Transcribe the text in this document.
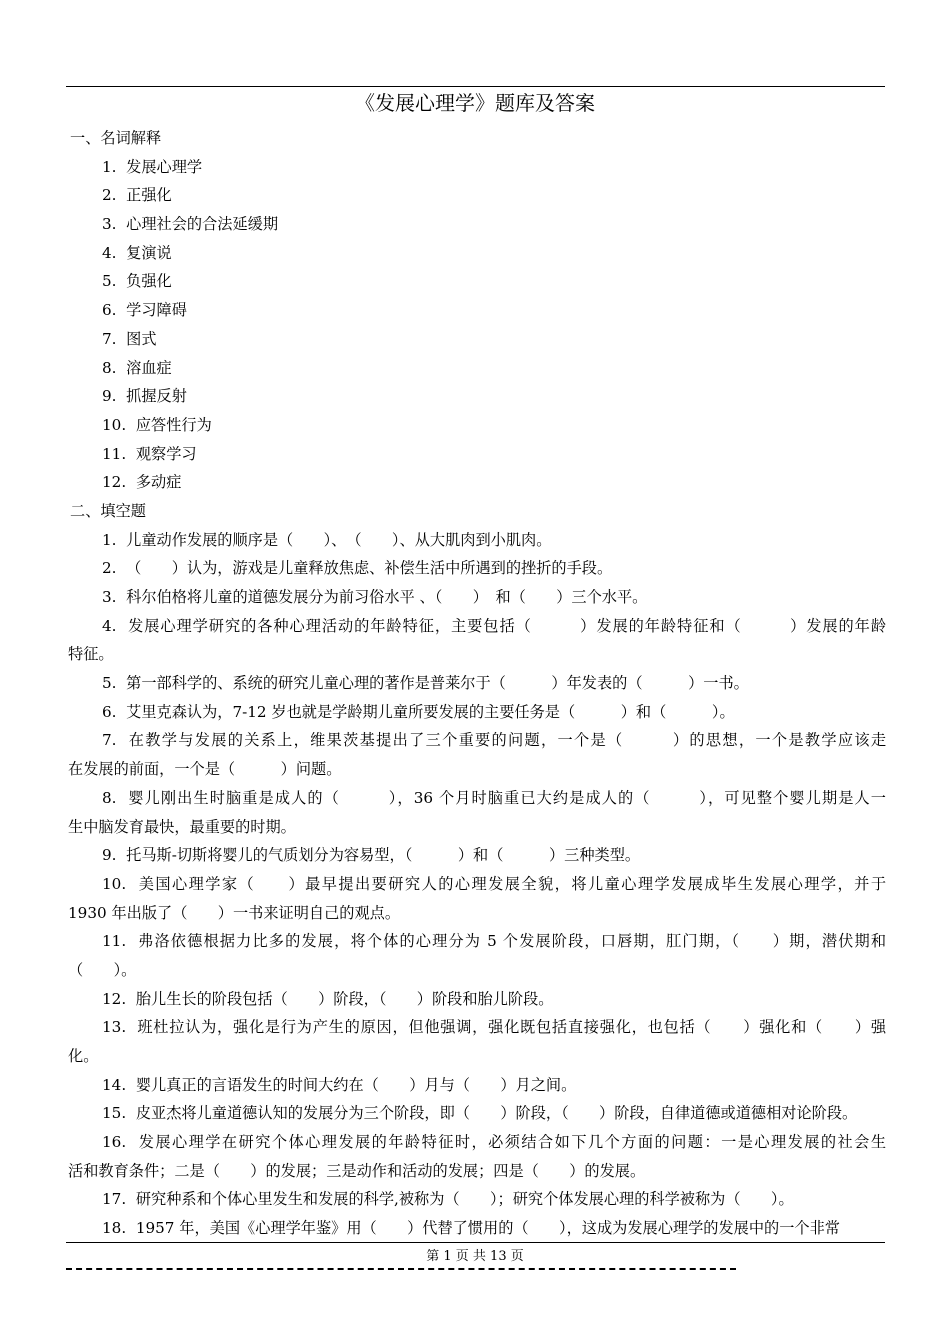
《发展心理学》题库及答案
一、名词解释
1. 发展心理学
2. 正强化
3. 心理社会的合法延缓期
4. 复演说
5. 负强化
6. 学习障碍
7. 图式
8. 溶血症
9. 抓握反射
10. 应答性行为
11. 观察学习
12. 多动症
二、填空题
1. 儿童动作发展的顺序是（　　）、　（　　）、从大肌肉到小肌肉。
2. （　　）认为，游戏是儿童释放焦虑、补偿生活中所遇到的挫折的手段。
3. 科尔伯格将儿童的道德发展分为前习俗水平 、（　　）　和（　　）三个水平。
4. 发展心理学研究的各种心理活动的年龄特征，主要包括（　　　）发展的年龄特征和（　　　）发展的年龄
特征。
5. 第一部科学的、系统的研究儿童心理的著作是普莱尔于（　　　）年发表的（　　　）一书。
6. 艾里克森认为，7-12 岁也就是学龄期儿童所要发展的主要任务是（　　　）和（　　　）。
7. 在教学与发展的关系上，维果茨基提出了三个重要的问题，一个是（　　　）的思想，一个是教学应该走
在发展的前面，一个是（　　　）问题。
8. 婴儿刚出生时脑重是成人的（　　　），36 个月时脑重已大约是成人的（　　　），可见整个婴儿期是人一
生中脑发育最快，最重要的时期。
9. 托马斯-切斯将婴儿的气质划分为容易型，（　　　）和（　　　）三种类型。
10. 美国心理学家（　　）最早提出要研究人的心理发展全貌，将儿童心理学发展成毕生发展心理学，并于
1930 年出版了（　　）一书来证明自己的观点。
11. 弗洛依德根据力比多的发展，将个体的心理分为 5 个发展阶段，口唇期，肛门期，（　　）期，潜伏期和
（　　）。
12. 胎儿生长的阶段包括（　　）阶段，（　　）阶段和胎儿阶段。
13. 班杜拉认为，强化是行为产生的原因，但他强调，强化既包括直接强化，也包括（　　）强化和（　　）强
化。
14. 婴儿真正的言语发生的时间大约在（　　）月与（　　）月之间。
15. 皮亚杰将儿童道德认知的发展分为三个阶段，即（　　）阶段，（　　）阶段，自律道德或道德相对论阶段。
16. 发展心理学在研究个体心理发展的年龄特征时，必须结合如下几个方面的问题：一是心理发展的社会生
活和教育条件；二是（　　）的发展；三是动作和活动的发展；四是（　　）的发展。
17. 研究种系和个体心里发生和发展的科学,被称为（　　）；研究个体发展心理的科学被称为（　　）。
18. 1957 年，美国《心理学年鉴》用（　　）代替了惯用的（　　），这成为发展心理学的发展中的一个非常
第 1 页 共 13 页
